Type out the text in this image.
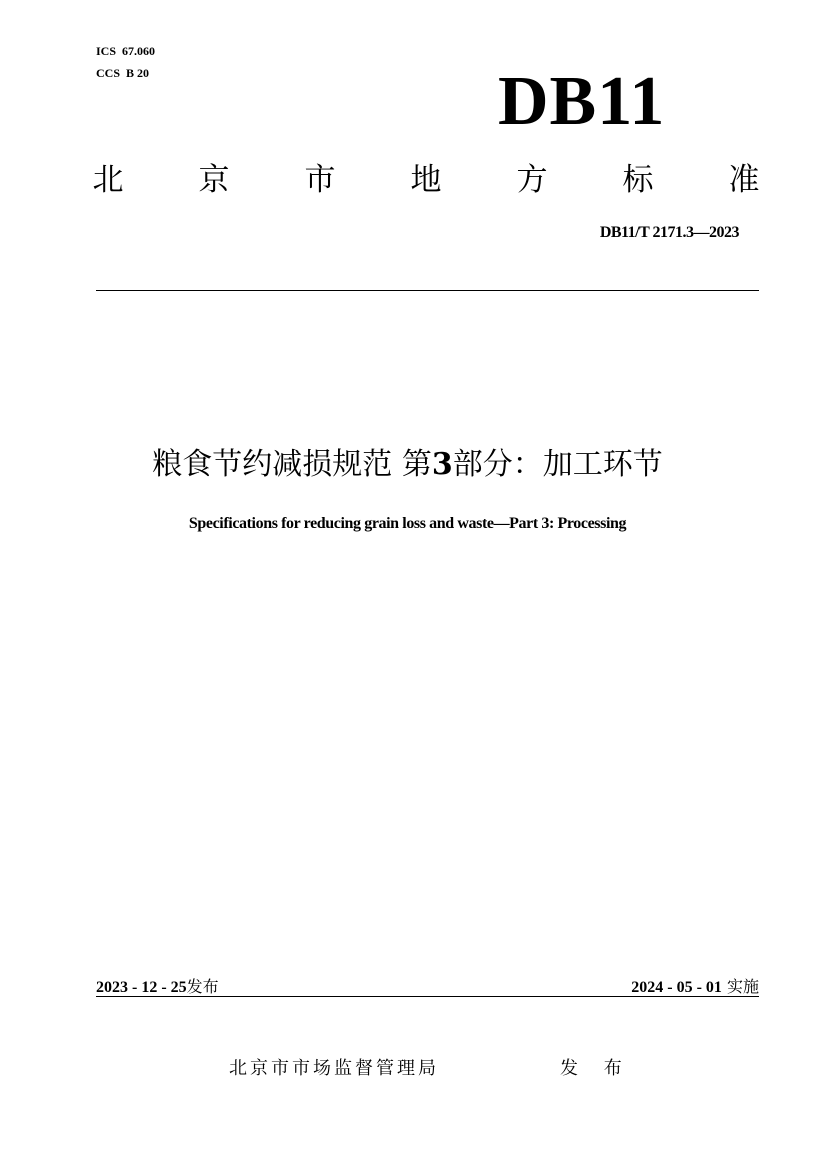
ICS  67.060
CCS  B 20	DB11
北 京 市 地 方 标 准
DB11/T 2171.3—2023
粮食节约减损规范 第3部分：加工环节
Specifications for reducing grain loss and waste—Part 3: Processing
2023 - 12 - 25发布	2024 - 05 - 01 实施
北京市市场监督管理局	发 布
